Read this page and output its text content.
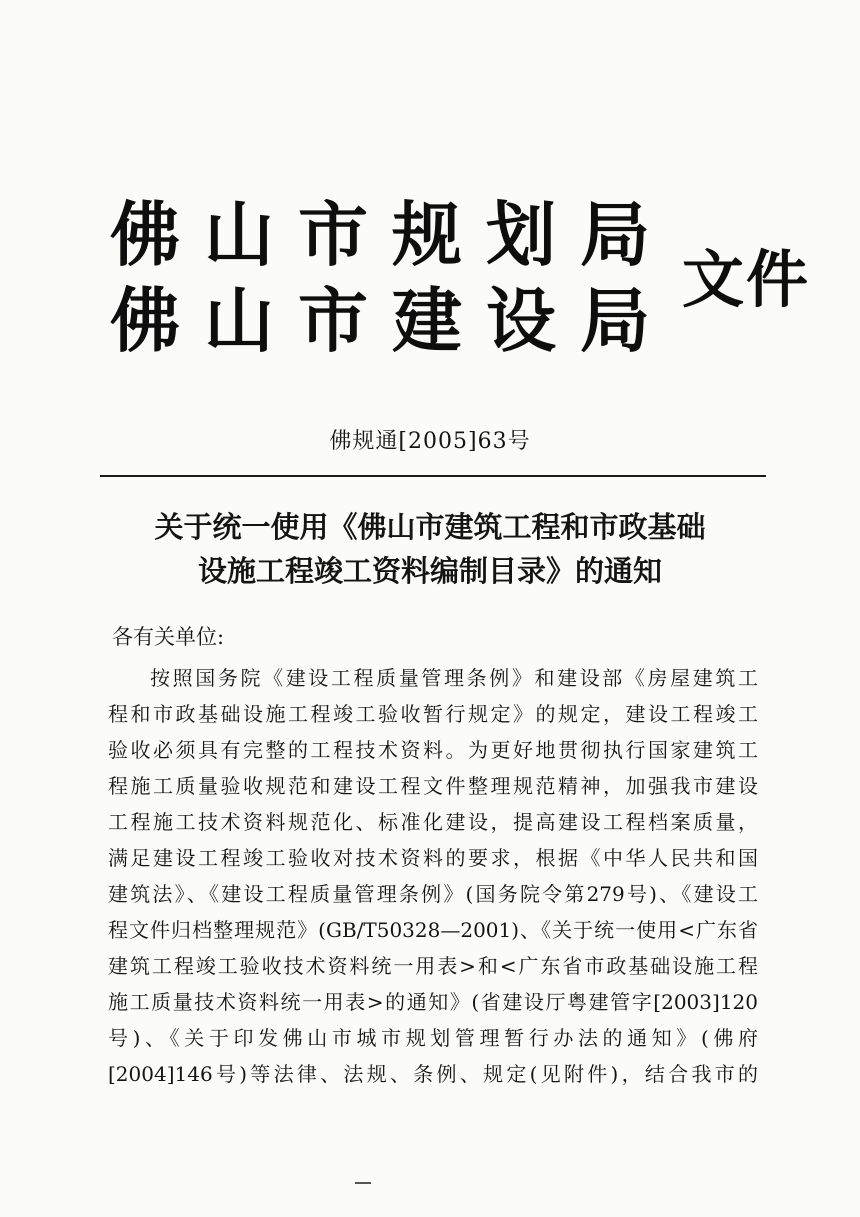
佛山市规划局
佛山市建设局 文件
佛规通[2005]63号
关于统一使用《佛山市建筑工程和市政基础
设施工程竣工资料编制目录》的通知
各有关单位:
按照国务院《建设工程质量管理条例》和建设部《房屋建筑工
程和市政基础设施工程竣工验收暂行规定》的规定，建设工程竣工
验收必须具有完整的工程技术资料。为更好地贯彻执行国家建筑工
程施工质量验收规范和建设工程文件整理规范精神，加强我市建设
工程施工技术资料规范化、标准化建设，提高建设工程档案质量，
满足建设工程竣工验收对技术资料的要求，根据《中华人民共和国
建筑法》、《建设工程质量管理条例》(国务院令第279号)、《建设工
程文件归档整理规范》(GB/T50328—2001)、《关于统一使用<广东省
建筑工程竣工验收技术资料统一用表>和<广东省市政基础设施工程
施工质量技术资料统一用表>的通知》(省建设厅粤建管字[2003]120
号)、《关于印发佛山市城市规划管理暂行办法的通知》(佛府
[2004]146号)等法律、法规、条例、规定(见附件)，结合我市的
